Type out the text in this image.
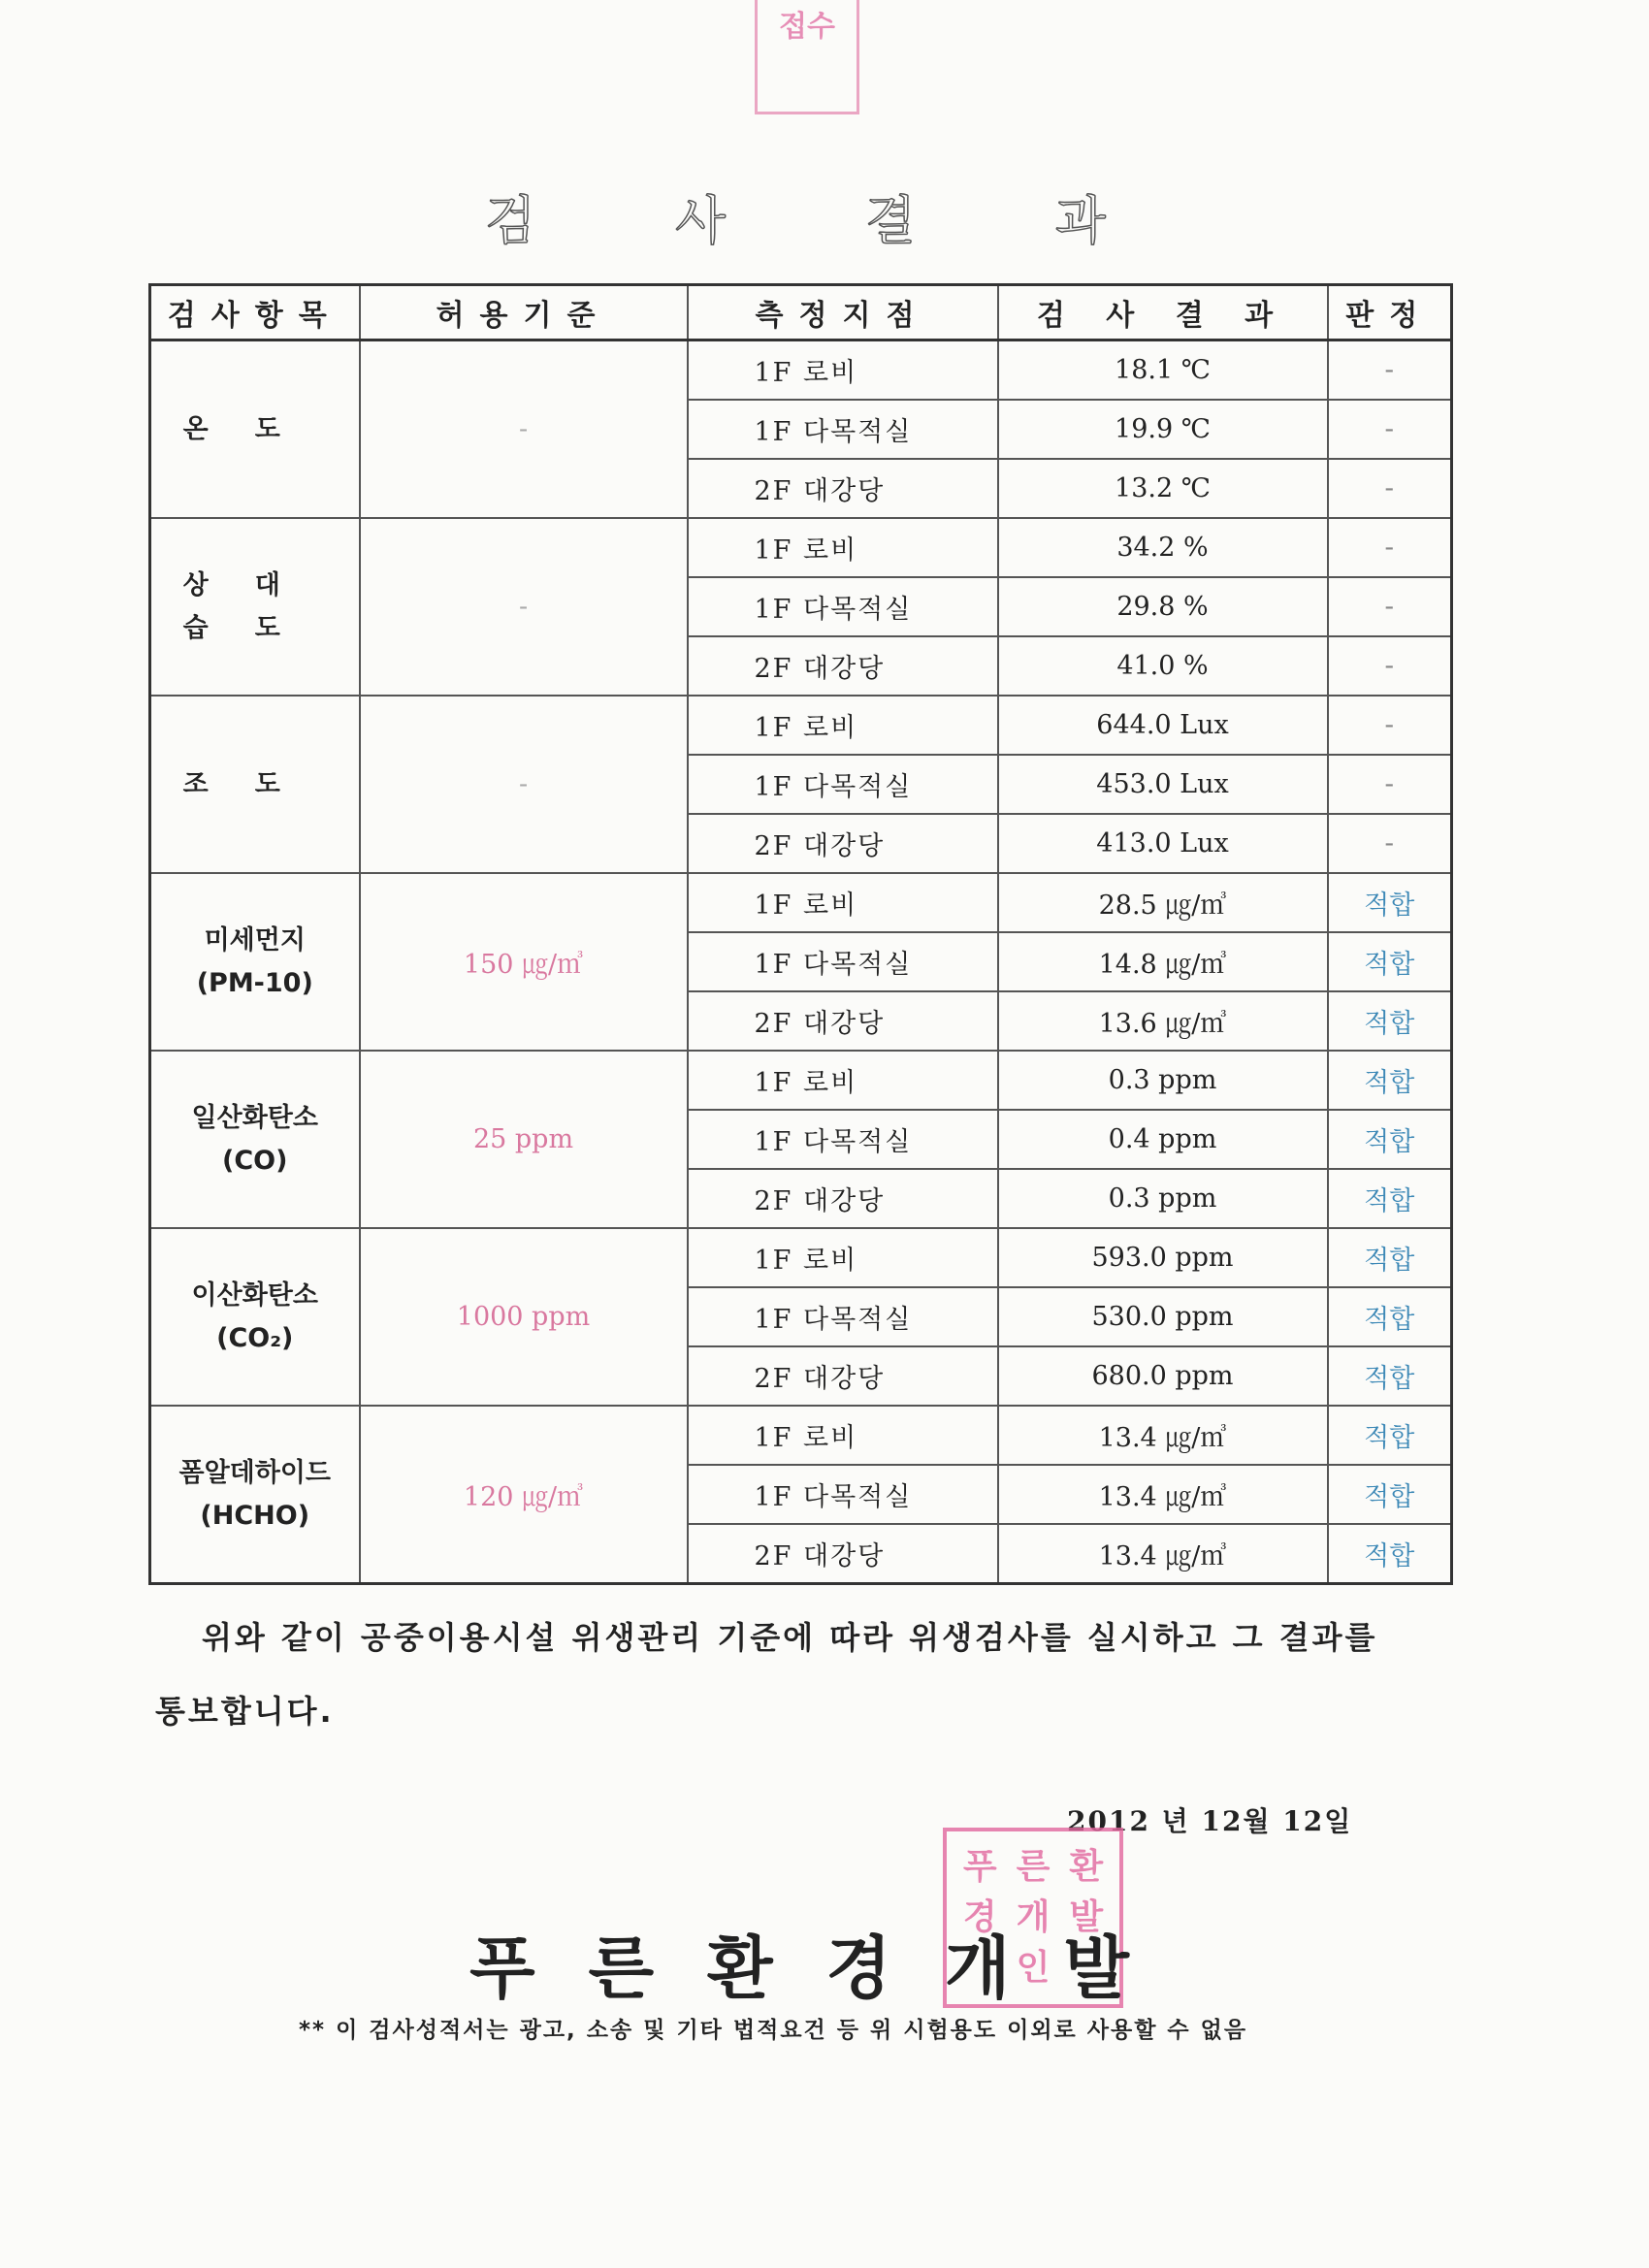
접수
검	사	결	과
검사항목	허용기준	측정지점	검 사 결 과	판정

온도	-	1F 로비	18.1 ℃	-
		1F 다목적실	19.9 ℃	-
		2F 대강당	13.2 ℃	-

상대습도	-	1F 로비	34.2 %	-
		1F 다목적실	29.8 %	-
		2F 대강당	41.0 %	-

조도	-	1F 로비	644.0 Lux	-
		1F 다목적실	453.0 Lux	-
		2F 대강당	413.0 Lux	-

미세먼지
(PM-10)	150 ㎍/㎥	1F 로비	28.5 ㎍/㎥	적합
		1F 다목적실	14.8 ㎍/㎥	적합
		2F 대강당	13.6 ㎍/㎥	적합

일산화탄소
(CO)	25 ppm	1F 로비	0.3 ppm	적합
		1F 다목적실	0.4 ppm	적합
		2F 대강당	0.3 ppm	적합

이산화탄소
(CO₂)	1000 ppm	1F 로비	593.0 ppm	적합
		1F 다목적실	530.0 ppm	적합
		2F 대강당	680.0 ppm	적합

폼알데하이드
(HCHO)	120 ㎍/㎥	1F 로비	13.4 ㎍/㎥	적합
		1F 다목적실	13.4 ㎍/㎥	적합
		2F 대강당	13.4 ㎍/㎥	적합
위와 같이 공중이용시설 위생관리 기준에 따라 위생검사를 실시하고 그 결과를 통보합니다.
2012 년 12월 12일
푸 른 환
경 개 발
인
푸 른 환 경 개 발
** 이 검사성적서는 광고, 소송 및 기타 법적요건 등 위 시험용도 이외로 사용할 수 없음
